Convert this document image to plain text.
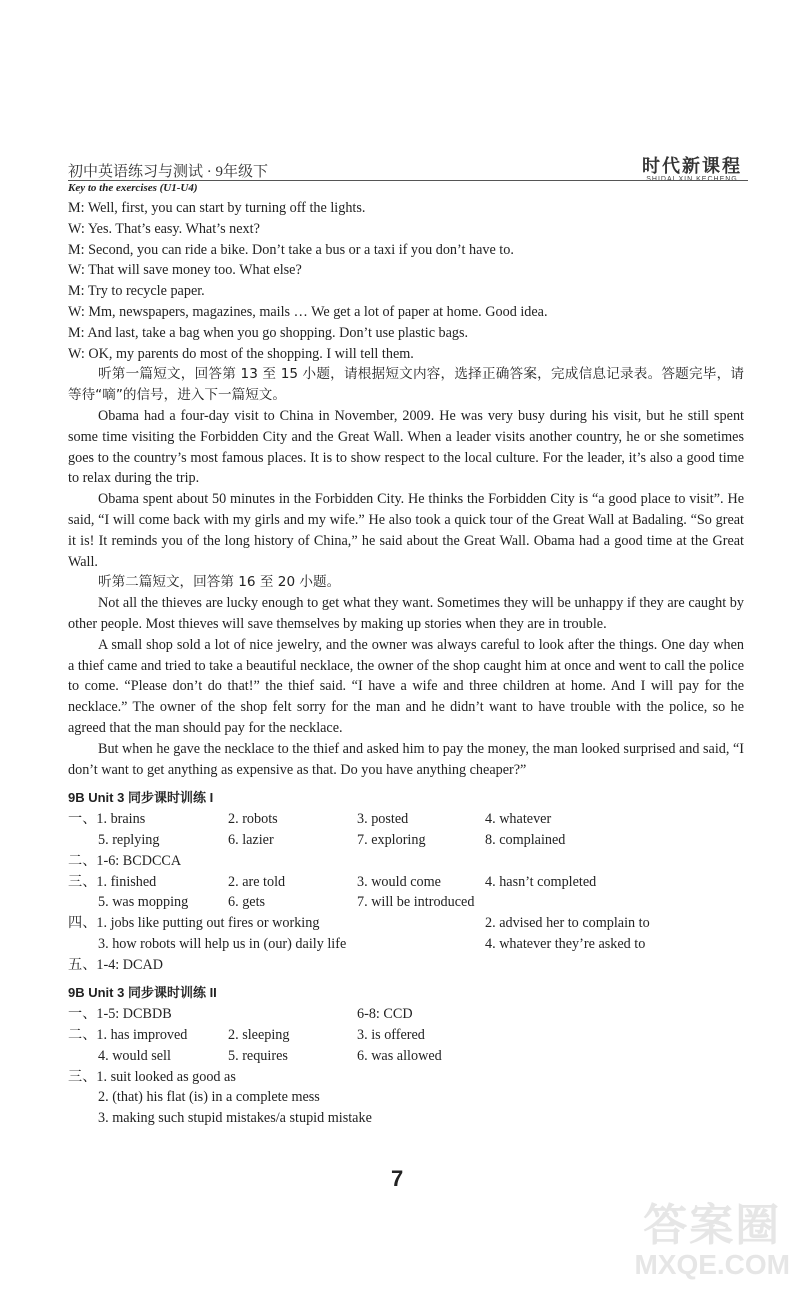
初中英语练习与测试 · 9年级下	时代新课程
SHIDAI XIN KECHENG
Key to the exercises (U1-U4)
M: Well, first, you can start by turning off the lights.
W: Yes. That’s easy. What’s next?
M: Second, you can ride a bike. Don’t take a bus or a taxi if you don’t have to.
W: That will save money too. What else?
M: Try to recycle paper.
W: Mm, newspapers, magazines, mails … We get a lot of paper at home. Good idea.
M: And last, take a bag when you go shopping. Don’t use plastic bags.
W: OK, my parents do most of the shopping. I will tell them.
听第一篇短文，回答第 13 至 15 小题，请根据短文内容，选择正确答案，完成信息记录表。答题完毕，请等待“嘀”的信号，进入下一篇短文。
Obama had a four-day visit to China in November, 2009. He was very busy during his visit, but he still spent some time visiting the Forbidden City and the Great Wall. When a leader visits another country, he or she sometimes goes to the country’s most famous places. It is to show respect to the local culture. For the leader, it’s also a good time to relax during the trip.
Obama spent about 50 minutes in the Forbidden City. He thinks the Forbidden City is “a good place to visit”. He said, “I will come back with my girls and my wife.” He also took a quick tour of the Great Wall at Badaling. “So great it is! It reminds you of the long history of China,” he said about the Great Wall. Obama had a good time at the Great Wall.
听第二篇短文，回答第 16 至 20 小题。
Not all the thieves are lucky enough to get what they want. Sometimes they will be unhappy if they are caught by other people. Most thieves will save themselves by making up stories when they are in trouble.
A small shop sold a lot of nice jewelry, and the owner was always careful to look after the things. One day when a thief came and tried to take a beautiful necklace, the owner of the shop caught him at once and went to call the police to come. “Please don’t do that!” the thief said. “I have a wife and three children at home. And I will pay for the necklace.” The owner of the shop felt sorry for the man and he didn’t want to have trouble with the police, so he agreed that the man should pay for the necklace.
But when he gave the necklace to the thief and asked him to pay the money, the man looked surprised and said, “I don’t want to get anything as expensive as that. Do you have anything cheaper?”
9B Unit 3 同步课时训练 I
一、1. brains	2. robots	3. posted	4. whatever
5. replying	6. lazier	7. exploring	8. complained
二、1-6: BCDCCA
三、1. finished	2. are told	3. would come	4. hasn’t completed
5. was mopping	6. gets	7. will be introduced
四、1. jobs like putting out fires or working	2. advised her to complain to
3. how robots will help us in (our) daily life	4. whatever they’re asked to
五、1-4: DCAD
9B Unit 3 同步课时训练 II
一、1-5: DCBDB	6-8: CCD
二、1. has improved	2. sleeping	3. is offered
4. would sell	5. requires	6. was allowed
三、1. suit looked as good as
2. (that) his flat (is) in a complete mess
3. making such stupid mistakes/a stupid mistake
7
答案圈
MXQE.COM
